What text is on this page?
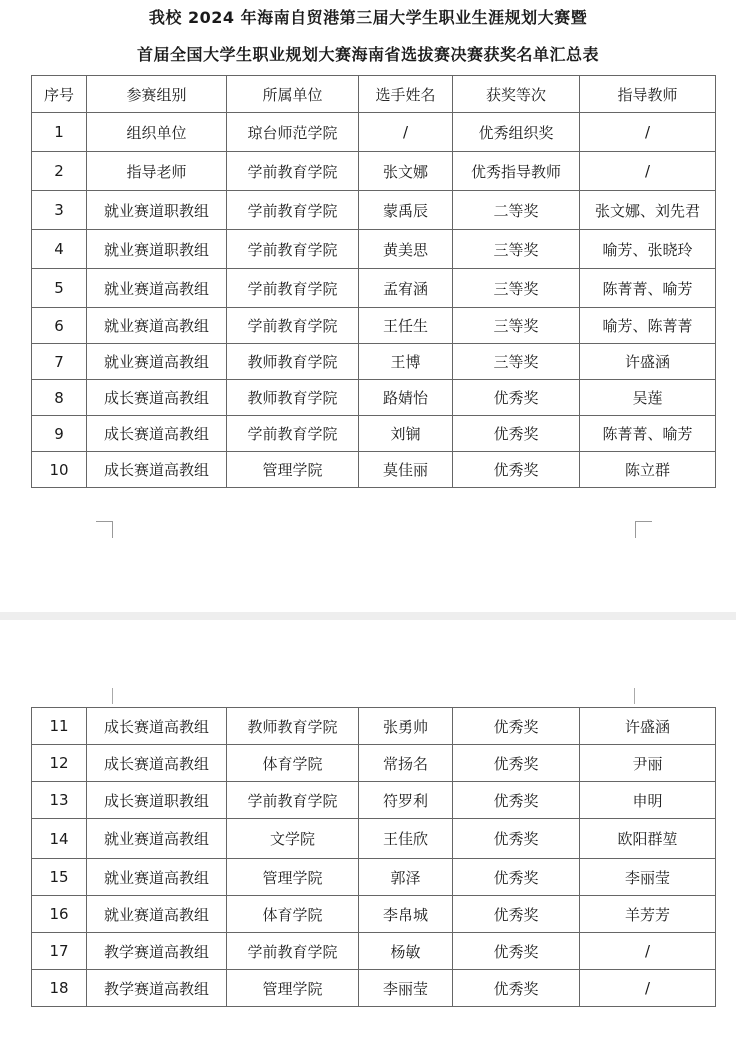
我校 2024 年海南自贸港第三届大学生职业生涯规划大赛暨
首届全国大学生职业规划大赛海南省选拔赛决赛获奖名单汇总表
序号	参赛组别	所属单位	选手姓名	获奖等次	指导教师
1	组织单位	琼台师范学院	/	优秀组织奖	/
2	指导老师	学前教育学院	张文娜	优秀指导教师	/
3	就业赛道职教组	学前教育学院	蒙禹辰	二等奖	张文娜、刘先君
4	就业赛道职教组	学前教育学院	黄美思	三等奖	喻芳、张晓玲
5	就业赛道高教组	学前教育学院	孟宥涵	三等奖	陈菁菁、喻芳
6	就业赛道高教组	学前教育学院	王任生	三等奖	喻芳、陈菁菁
7	就业赛道高教组	教师教育学院	王博	三等奖	许盛涵
8	成长赛道高教组	教师教育学院	路婧怡	优秀奖	吴莲
9	成长赛道高教组	学前教育学院	刘锎	优秀奖	陈菁菁、喻芳
10	成长赛道高教组	管理学院	莫佳丽	优秀奖	陈立群
11	成长赛道高教组	教师教育学院	张勇帅	优秀奖	许盛涵
12	成长赛道高教组	体育学院	常扬名	优秀奖	尹丽
13	成长赛道职教组	学前教育学院	符罗利	优秀奖	申明
14	就业赛道高教组	文学院	王佳欣	优秀奖	欧阳群堃
15	就业赛道高教组	管理学院	郭泽	优秀奖	李丽莹
16	就业赛道高教组	体育学院	李帛城	优秀奖	羊芳芳
17	教学赛道高教组	学前教育学院	杨敏	优秀奖	/
18	教学赛道高教组	管理学院	李丽莹	优秀奖	/
